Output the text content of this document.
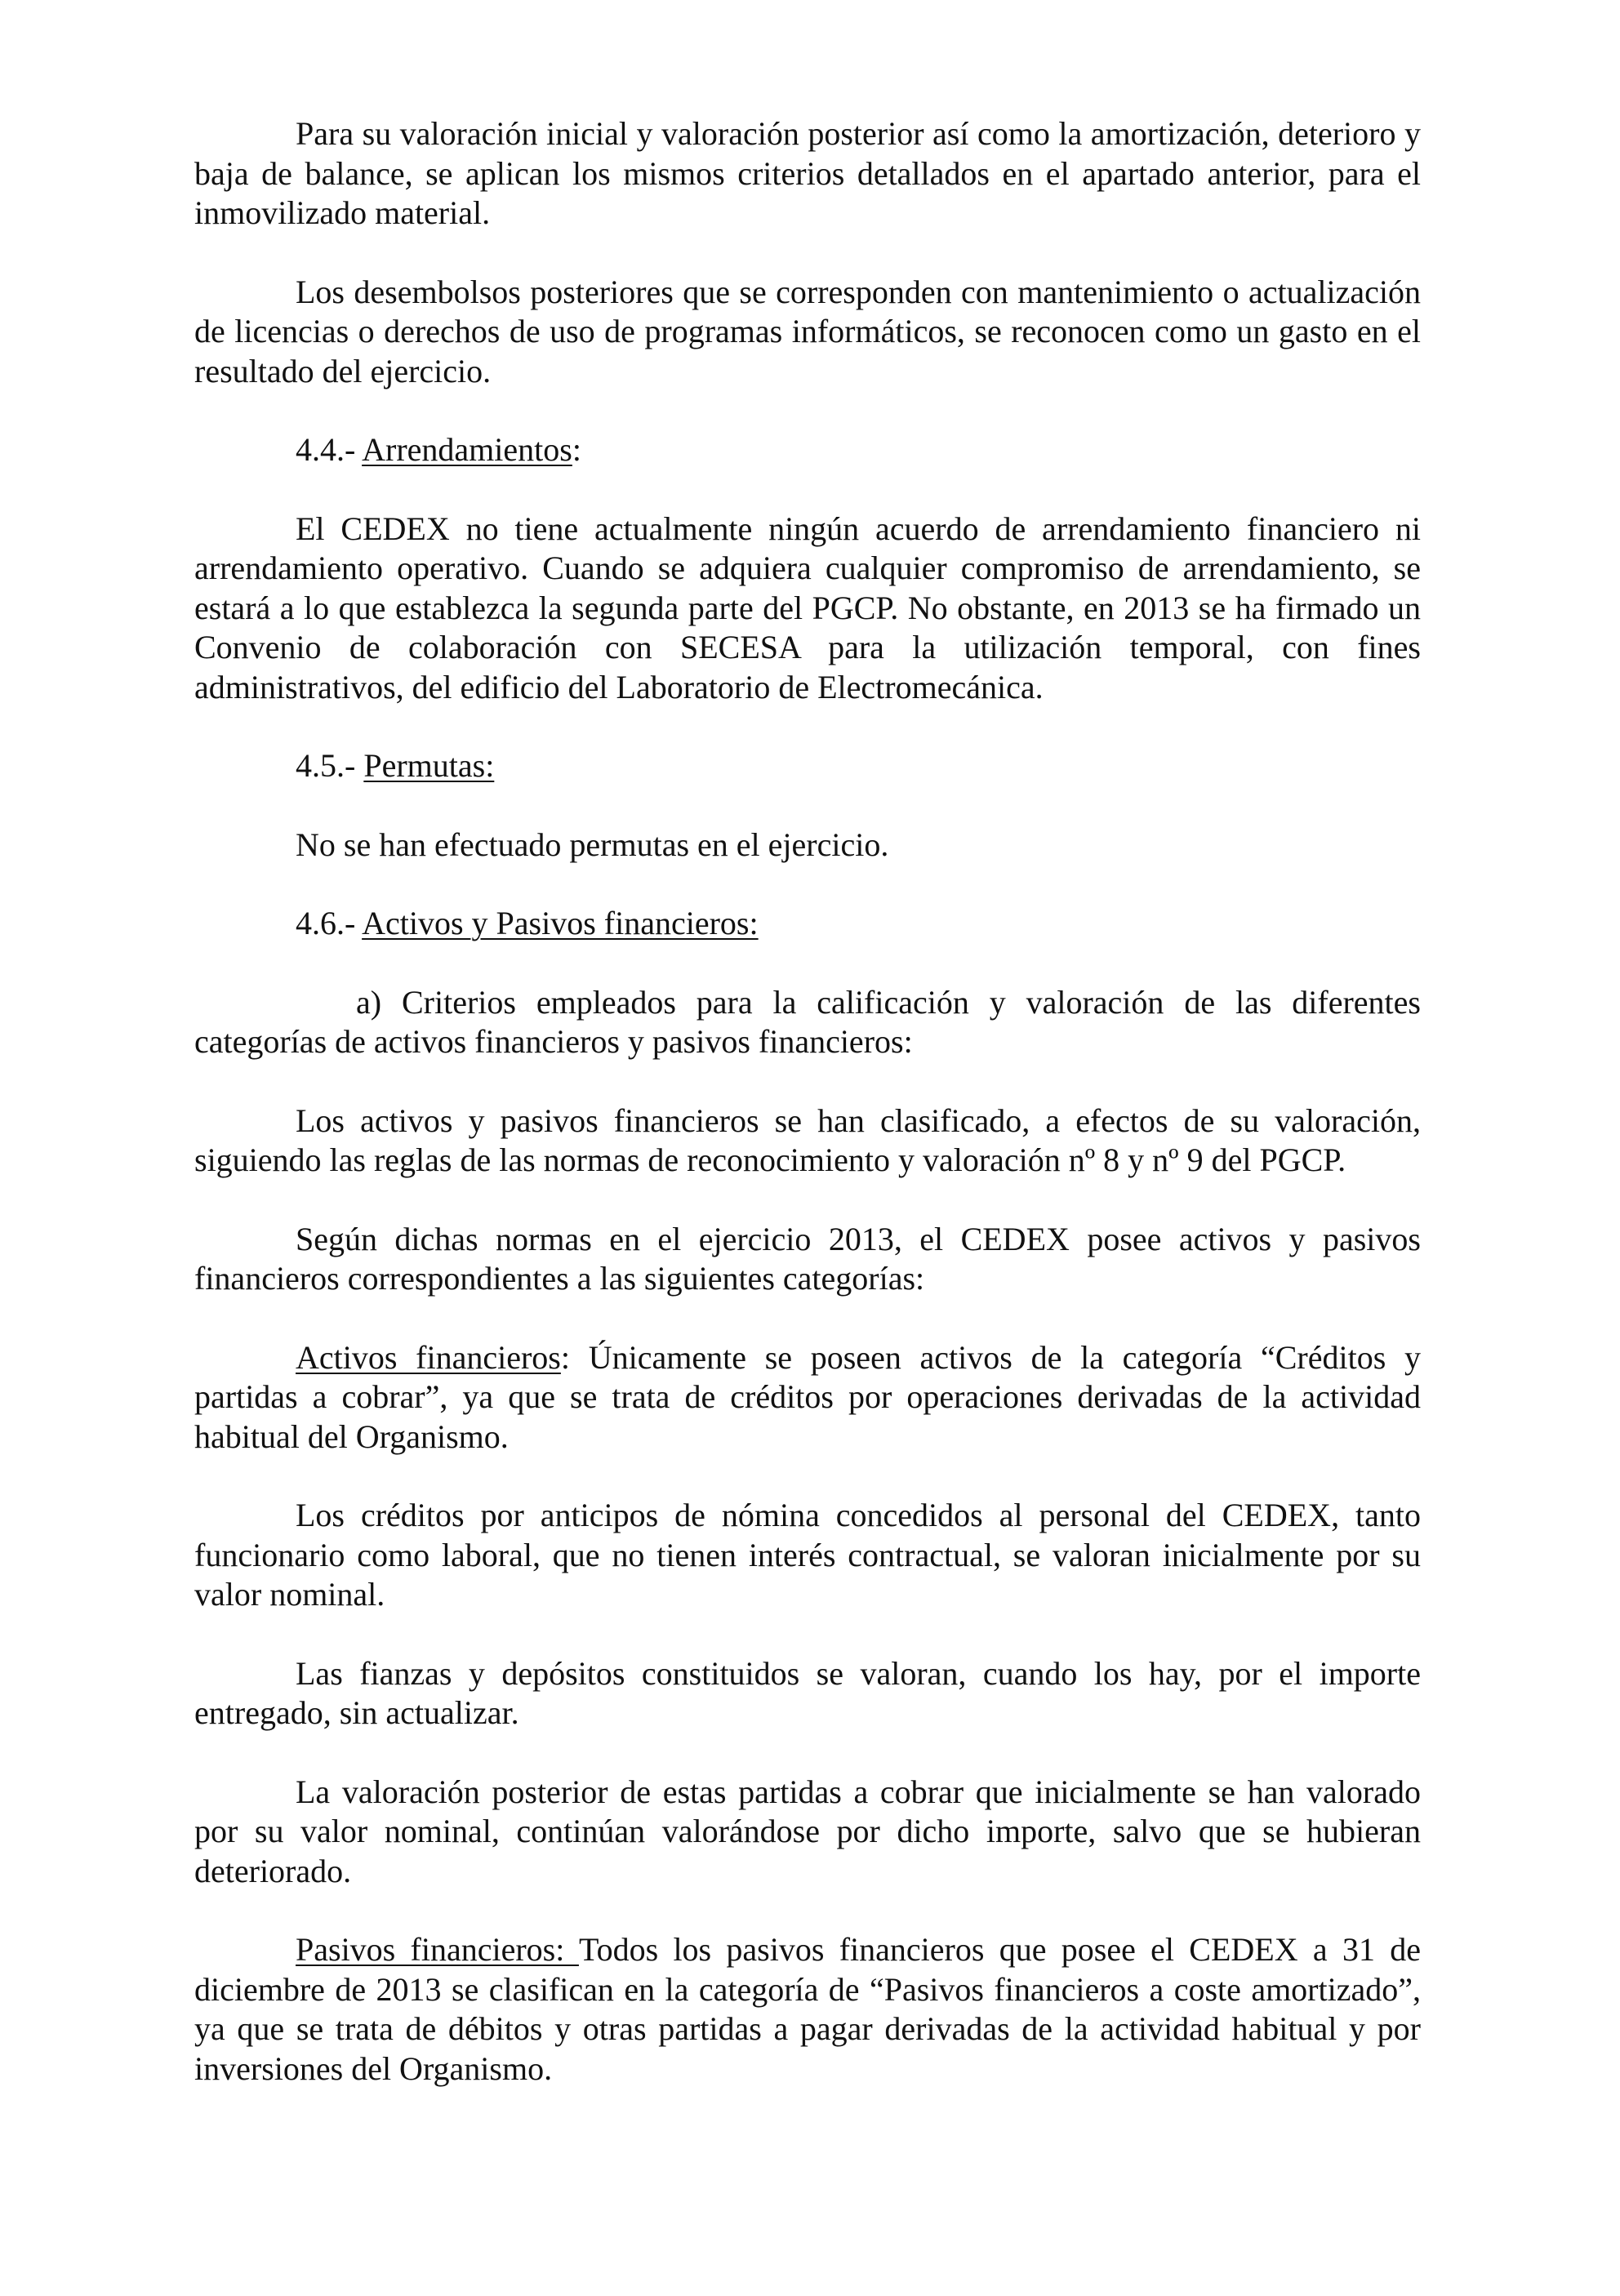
Para su valoración inicial y valoración posterior así como la amortización, deterioro y baja de balance, se aplican los mismos criterios detallados en el apartado anterior, para el inmovilizado material.

Los desembolsos posteriores que se corresponden con mantenimiento o actualización de licencias o derechos de uso de programas informáticos, se reconocen como un gasto en el resultado del ejercicio.

4.4.- Arrendamientos:

El CEDEX no tiene actualmente ningún acuerdo de arrendamiento financiero ni arrendamiento operativo. Cuando se adquiera cualquier compromiso de arrendamiento, se estará a lo que establezca la segunda parte del PGCP. No obstante, en 2013 se ha firmado un Convenio de colaboración con SECESA para la utilización temporal, con fines administrativos, del edificio del Laboratorio de Electromecánica.

4.5.- Permutas:

No se han efectuado permutas en el ejercicio.

4.6.- Activos y Pasivos financieros:

a) Criterios empleados para la calificación y valoración de las diferentes categorías de activos financieros y pasivos financieros:

Los activos y pasivos financieros se han clasificado, a efectos de su valoración, siguiendo las reglas de las normas de reconocimiento y valoración nº 8 y nº 9 del PGCP.

Según dichas normas en el ejercicio 2013, el CEDEX posee activos y pasivos financieros correspondientes a las siguientes categorías:

Activos financieros: Únicamente se poseen activos de la categoría “Créditos y partidas a cobrar”, ya que se trata de créditos por operaciones derivadas de la actividad habitual del Organismo.

Los créditos por anticipos de nómina concedidos al personal del CEDEX, tanto funcionario como laboral, que no tienen interés contractual, se valoran inicialmente por su valor nominal.

Las fianzas y depósitos constituidos se valoran, cuando los hay, por el importe entregado, sin actualizar.

La valoración posterior de estas partidas a cobrar que inicialmente se han valorado por su valor nominal, continúan valorándose por dicho importe, salvo que se hubieran deteriorado.

Pasivos financieros: Todos los pasivos financieros que posee el CEDEX a 31 de diciembre de 2013 se clasifican en la categoría de “Pasivos financieros a coste amortizado”, ya que se trata de débitos y otras partidas a pagar derivadas de la actividad habitual y por inversiones del Organismo.
